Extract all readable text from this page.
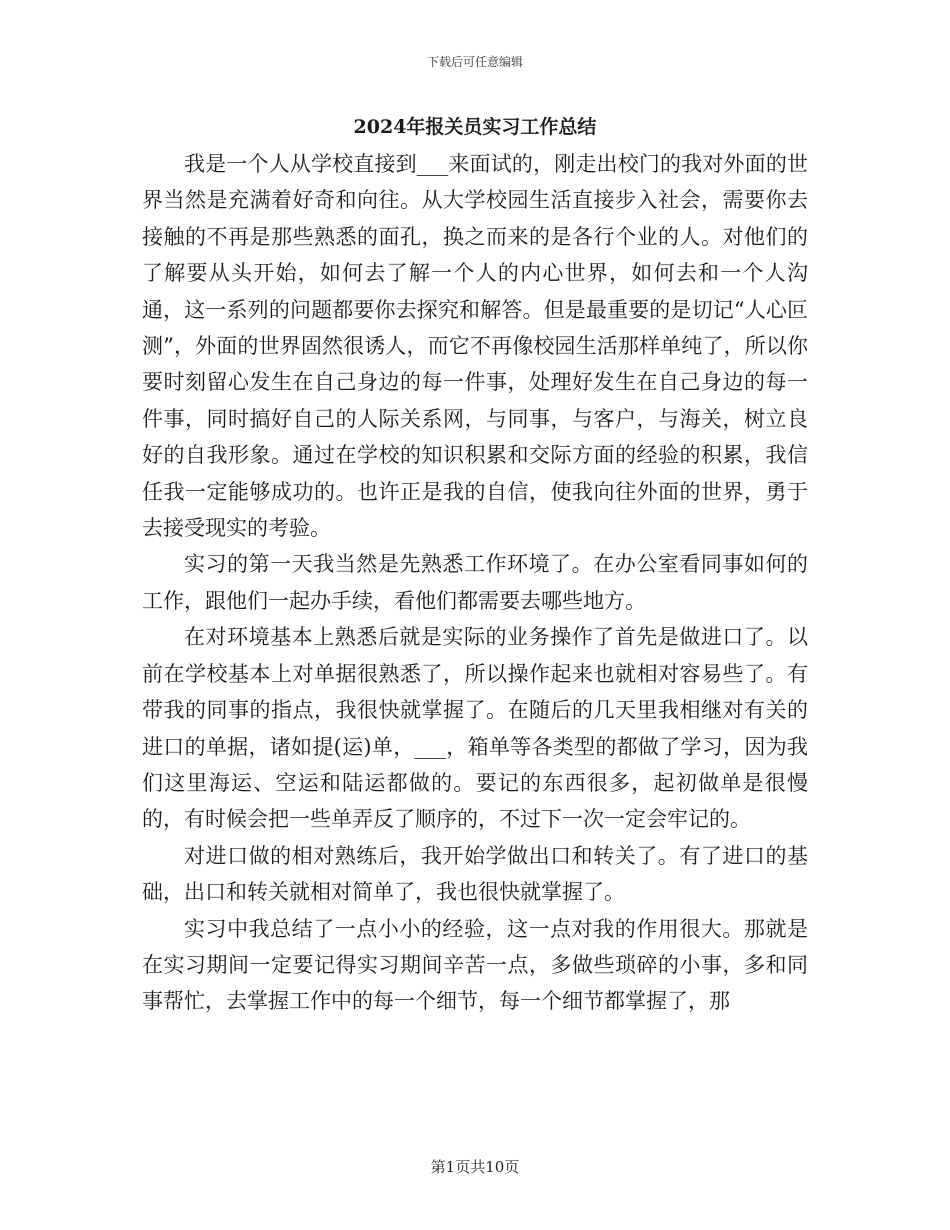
下载后可任意编辑
2024年报关员实习工作总结

我是一个人从学校直接到___来面试的，刚走出校门的我对外面的世界当然是充满着好奇和向往。从大学校园生活直接步入社会，需要你去接触的不再是那些熟悉的面孔，换之而来的是各行个业的人。对他们的了解要从头开始，如何去了解一个人的内心世界，如何去和一个人沟通，这一系列的问题都要你去探究和解答。但是最重要的是切记“人心叵测”，外面的世界固然很诱人，而它不再像校园生活那样单纯了，所以你要时刻留心发生在自己身边的每一件事，处理好发生在自己身边的每一件事，同时搞好自己的人际关系网，与同事，与客户，与海关，树立良好的自我形象。通过在学校的知识积累和交际方面的经验的积累，我信任我一定能够成功的。也许正是我的自信，使我向往外面的世界，勇于去接受现实的考验。

实习的第一天我当然是先熟悉工作环境了。在办公室看同事如何的工作，跟他们一起办手续，看他们都需要去哪些地方。

在对环境基本上熟悉后就是实际的业务操作了首先是做进口了。以前在学校基本上对单据很熟悉了，所以操作起来也就相对容易些了。有带我的同事的指点，我很快就掌握了。在随后的几天里我相继对有关的进口的单据，诸如提(运)单，___，箱单等各类型的都做了学习，因为我们这里海运、空运和陆运都做的。要记的东西很多，起初做单是很慢的，有时候会把一些单弄反了顺序的，不过下一次一定会牢记的。

对进口做的相对熟练后，我开始学做出口和转关了。有了进口的基础，出口和转关就相对简单了，我也很快就掌握了。

实习中我总结了一点小小的经验，这一点对我的作用很大。那就是在实习期间一定要记得实习期间辛苦一点，多做些琐碎的小事，多和同事帮忙，去掌握工作中的每一个细节，每一个细节都掌握了，那

第1页共10页
